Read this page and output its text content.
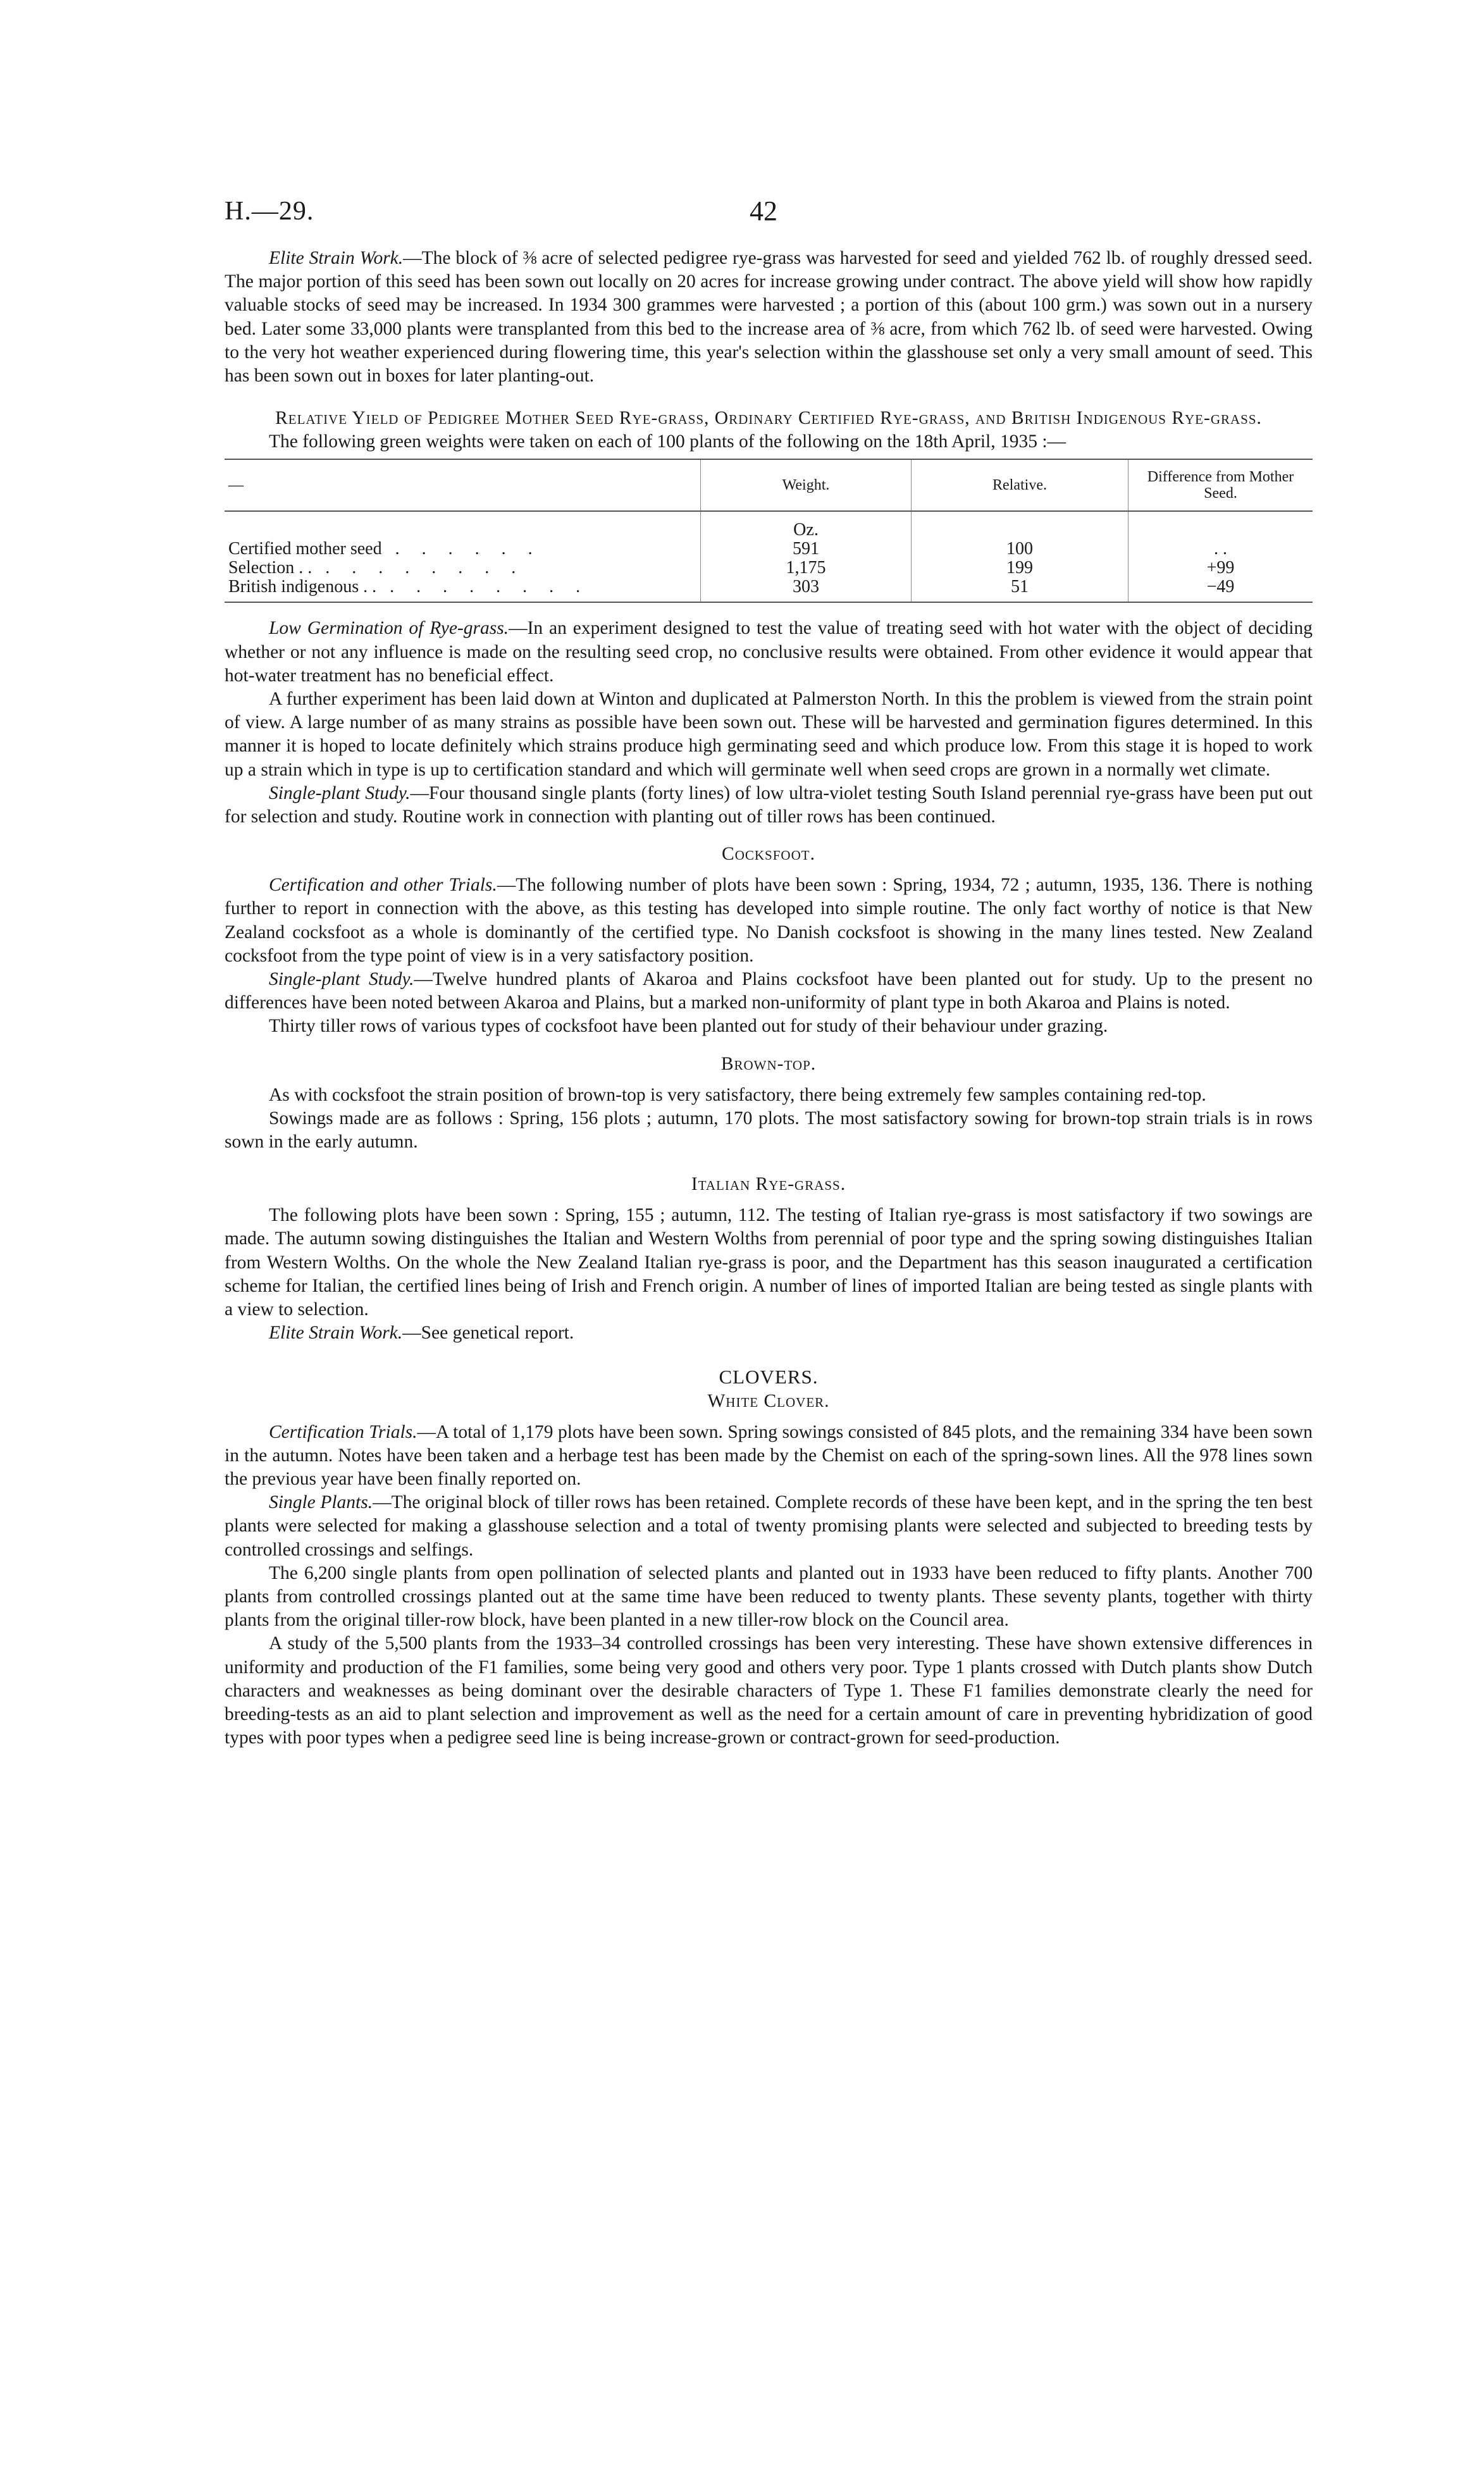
H.—29.	42

Elite Strain Work.—The block of ⅜ acre of selected pedigree rye-grass was harvested for seed and yielded 762 lb. of roughly dressed seed. The major portion of this seed has been sown out locally on 20 acres for increase growing under contract. The above yield will show how rapidly valuable stocks of seed may be increased. In 1934 300 grammes were harvested ; a portion of this (about 100 grm.) was sown out in a nursery bed. Later some 33,000 plants were transplanted from this bed to the increase area of ⅜ acre, from which 762 lb. of seed were harvested. Owing to the very hot weather experienced during flowering time, this year's selection within the glasshouse set only a very small amount of seed. This has been sown out in boxes for later planting-out.

Relative Yield of Pedigree Mother Seed Rye-grass, Ordinary Certified Rye-grass, and British Indigenous Rye-grass.

The following green weights were taken on each of 100 plants of the following on the 18th April, 1935 :—

—	Weight.	Relative.	Difference from Mother Seed.
	Oz.		
Certified mother seed . . . . . .	591	100	. .
Selection . . . . . . . . . .	1,175	199	+99
British indigenous . . . . . . . . . .	303	51	−49

Low Germination of Rye-grass.—In an experiment designed to test the value of treating seed with hot water with the object of deciding whether or not any influence is made on the resulting seed crop, no conclusive results were obtained. From other evidence it would appear that hot-water treatment has no beneficial effect.

A further experiment has been laid down at Winton and duplicated at Palmerston North. In this the problem is viewed from the strain point of view. A large number of as many strains as possible have been sown out. These will be harvested and germination figures determined. In this manner it is hoped to locate definitely which strains produce high germinating seed and which produce low. From this stage it is hoped to work up a strain which in type is up to certification standard and which will germinate well when seed crops are grown in a normally wet climate.

Single-plant Study.—Four thousand single plants (forty lines) of low ultra-violet testing South Island perennial rye-grass have been put out for selection and study. Routine work in connection with planting out of tiller rows has been continued.

Cocksfoot.

Certification and other Trials.—The following number of plots have been sown : Spring, 1934, 72 ; autumn, 1935, 136. There is nothing further to report in connection with the above, as this testing has developed into simple routine. The only fact worthy of notice is that New Zealand cocksfoot as a whole is dominantly of the certified type. No Danish cocksfoot is showing in the many lines tested. New Zealand cocksfoot from the type point of view is in a very satisfactory position.

Single-plant Study.—Twelve hundred plants of Akaroa and Plains cocksfoot have been planted out for study. Up to the present no differences have been noted between Akaroa and Plains, but a marked non-uniformity of plant type in both Akaroa and Plains is noted.

Thirty tiller rows of various types of cocksfoot have been planted out for study of their behaviour under grazing.

Brown-top.

As with cocksfoot the strain position of brown-top is very satisfactory, there being extremely few samples containing red-top.

Sowings made are as follows : Spring, 156 plots ; autumn, 170 plots. The most satisfactory sowing for brown-top strain trials is in rows sown in the early autumn.

Italian Rye-grass.

The following plots have been sown : Spring, 155 ; autumn, 112. The testing of Italian rye-grass is most satisfactory if two sowings are made. The autumn sowing distinguishes the Italian and Western Wolths from perennial of poor type and the spring sowing distinguishes Italian from Western Wolths. On the whole the New Zealand Italian rye-grass is poor, and the Department has this season inaugurated a certification scheme for Italian, the certified lines being of Irish and French origin. A number of lines of imported Italian are being tested as single plants with a view to selection.

Elite Strain Work.—See genetical report.

CLOVERS.
White Clover.

Certification Trials.—A total of 1,179 plots have been sown. Spring sowings consisted of 845 plots, and the remaining 334 have been sown in the autumn. Notes have been taken and a herbage test has been made by the Chemist on each of the spring-sown lines. All the 978 lines sown the previous year have been finally reported on.

Single Plants.—The original block of tiller rows has been retained. Complete records of these have been kept, and in the spring the ten best plants were selected for making a glasshouse selection and a total of twenty promising plants were selected and subjected to breeding tests by controlled crossings and selfings.

The 6,200 single plants from open pollination of selected plants and planted out in 1933 have been reduced to fifty plants. Another 700 plants from controlled crossings planted out at the same time have been reduced to twenty plants. These seventy plants, together with thirty plants from the original tiller-row block, have been planted in a new tiller-row block on the Council area.

A study of the 5,500 plants from the 1933–34 controlled crossings has been very interesting. These have shown extensive differences in uniformity and production of the F1 families, some being very good and others very poor. Type 1 plants crossed with Dutch plants show Dutch characters and weaknesses as being dominant over the desirable characters of Type 1. These F1 families demonstrate clearly the need for breeding-tests as an aid to plant selection and improvement as well as the need for a certain amount of care in preventing hybridization of good types with poor types when a pedigree seed line is being increase-grown or contract-grown for seed-production.
